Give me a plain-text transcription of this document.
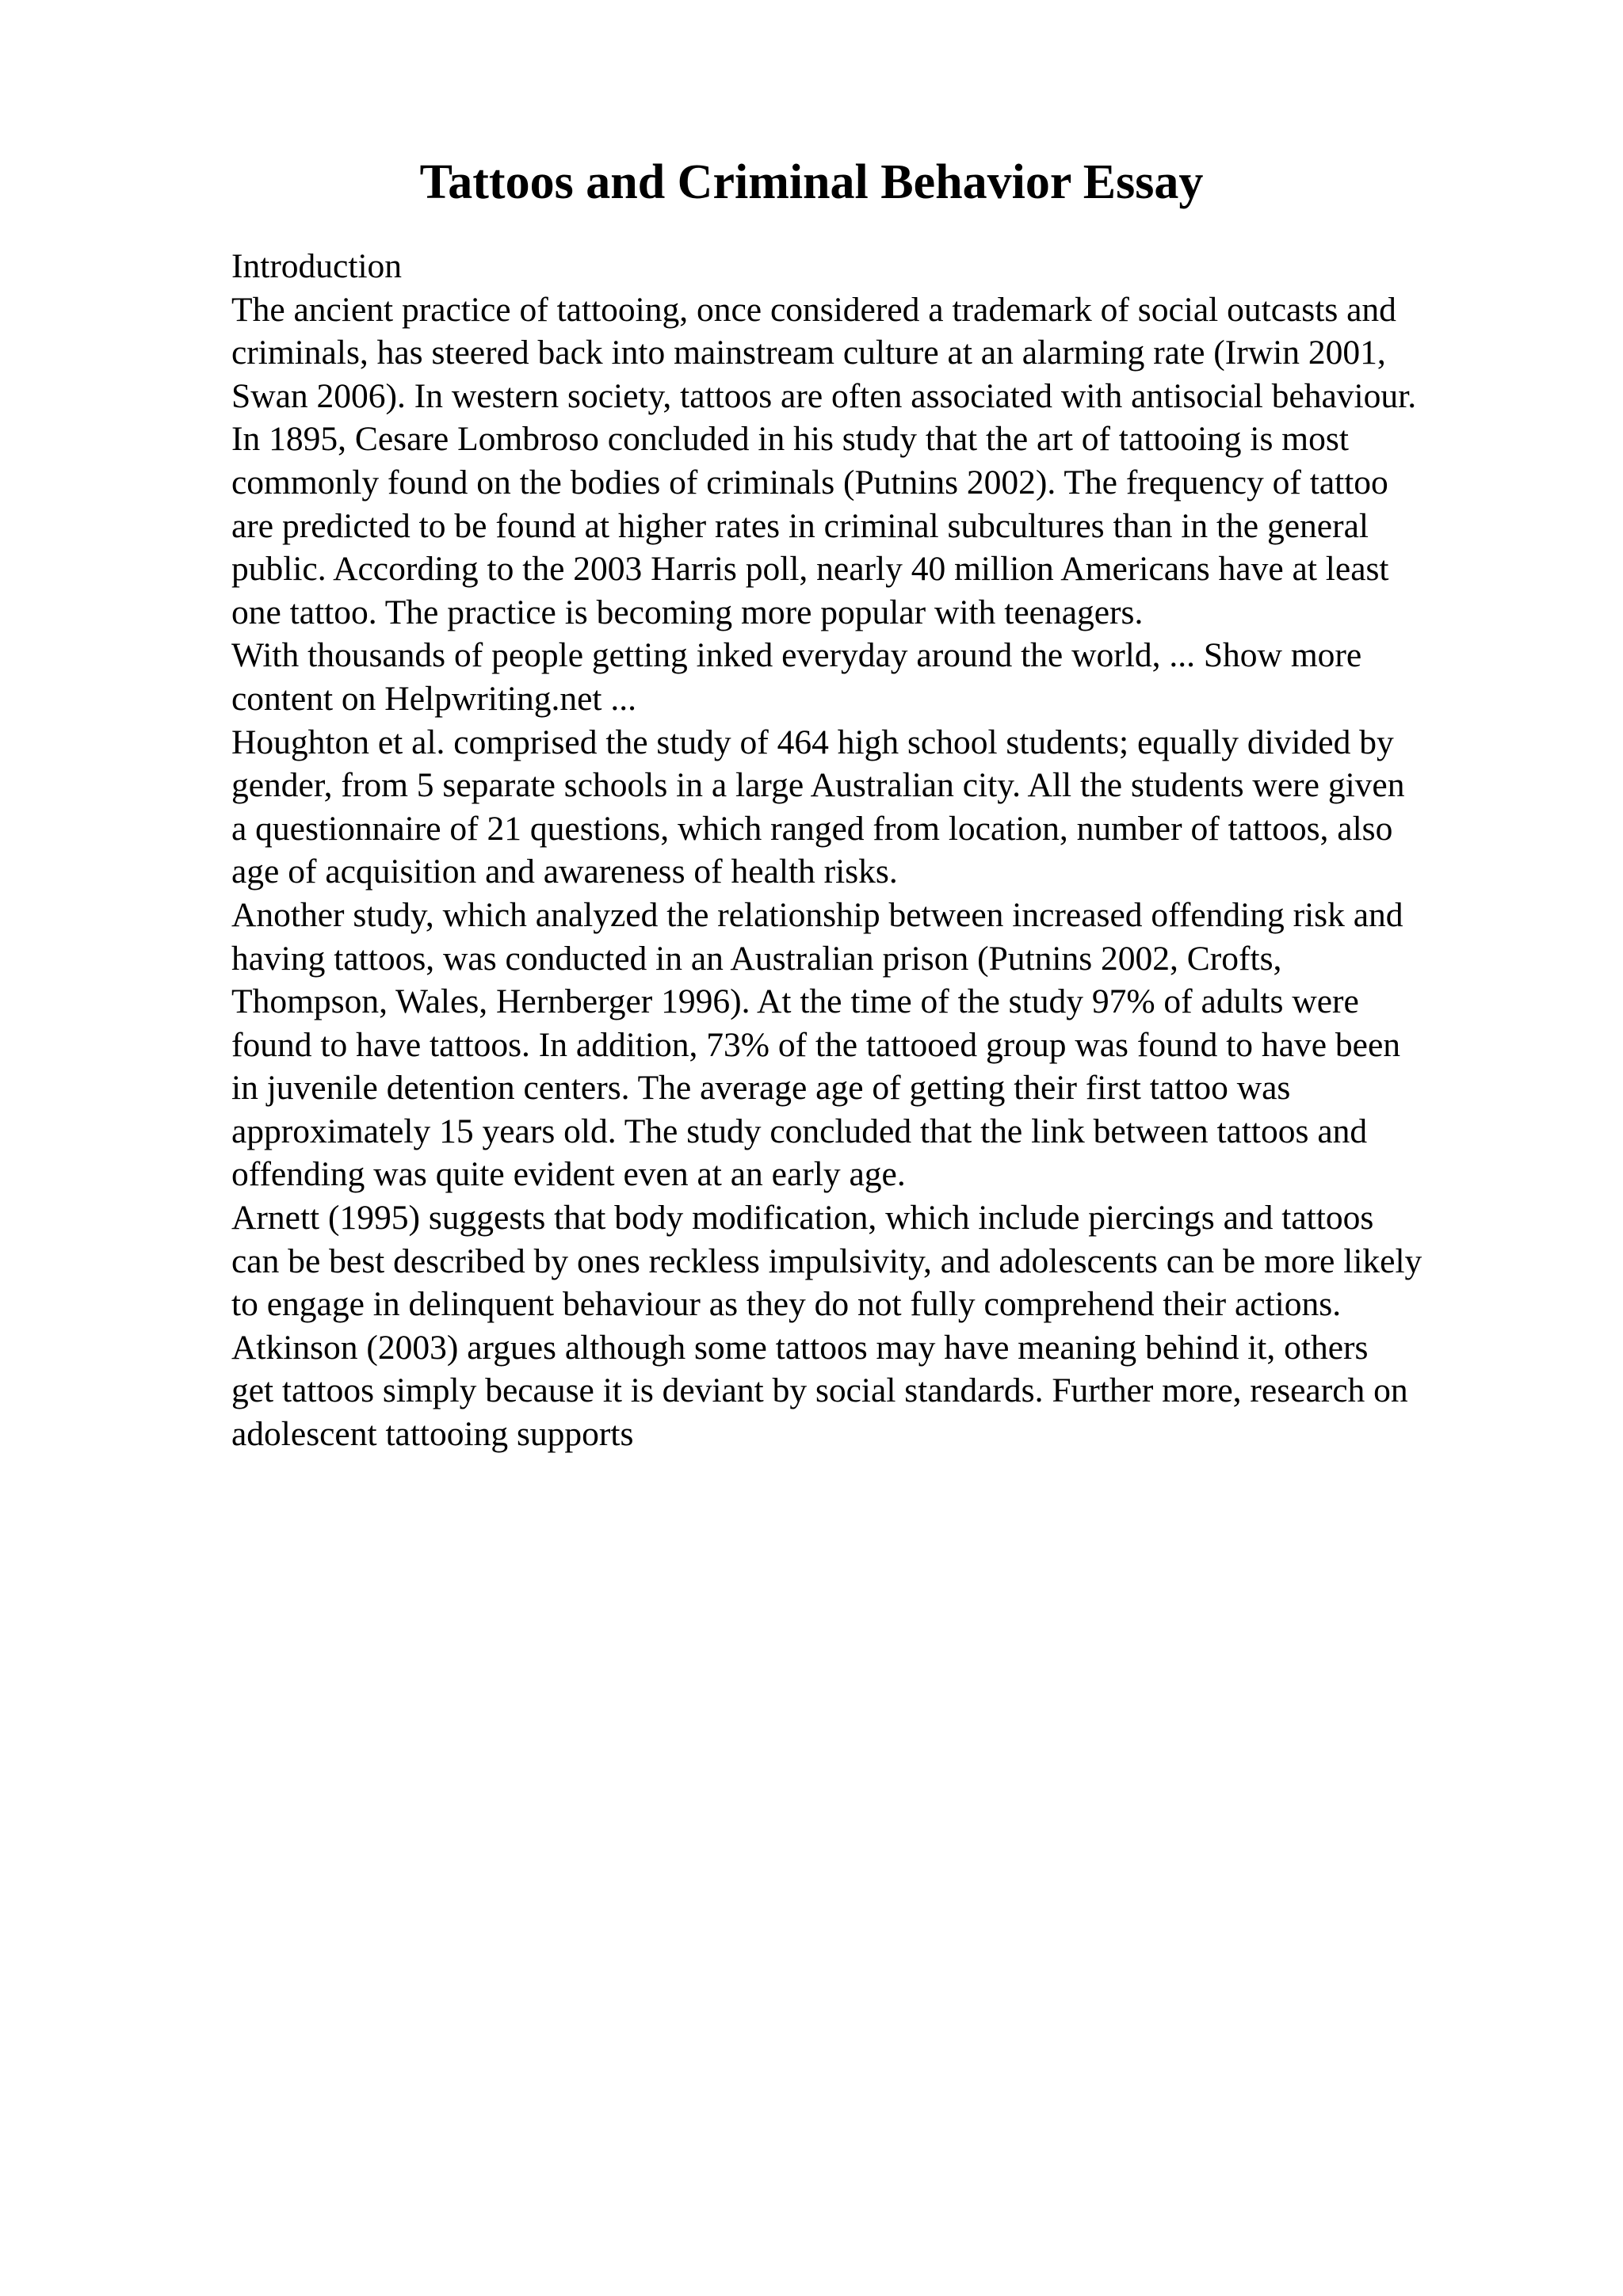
Tattoos and Criminal Behavior Essay
Introduction
The ancient practice of tattooing, once considered a trademark of social outcasts and
criminals, has steered back into mainstream culture at an alarming rate (Irwin 2001,
Swan 2006). In western society, tattoos are often associated with antisocial behaviour.
In 1895, Cesare Lombroso concluded in his study that the art of tattooing is most
commonly found on the bodies of criminals (Putnins 2002). The frequency of tattoo
are predicted to be found at higher rates in criminal subcultures than in the general
public. According to the 2003 Harris poll, nearly 40 million Americans have at least
one tattoo. The practice is becoming more popular with teenagers.
With thousands of people getting inked everyday around the world, ... Show more
content on Helpwriting.net ...
Houghton et al. comprised the study of 464 high school students; equally divided by
gender, from 5 separate schools in a large Australian city. All the students were given
a questionnaire of 21 questions, which ranged from location, number of tattoos, also
age of acquisition and awareness of health risks.
Another study, which analyzed the relationship between increased offending risk and
having tattoos, was conducted in an Australian prison (Putnins 2002, Crofts,
Thompson, Wales, Hernberger 1996). At the time of the study 97% of adults were
found to have tattoos. In addition, 73% of the tattooed group was found to have been
in juvenile detention centers. The average age of getting their first tattoo was
approximately 15 years old. The study concluded that the link between tattoos and
offending was quite evident even at an early age.
Arnett (1995) suggests that body modification, which include piercings and tattoos
can be best described by ones reckless impulsivity, and adolescents can be more likely
to engage in delinquent behaviour as they do not fully comprehend their actions.
Atkinson (2003) argues although some tattoos may have meaning behind it, others
get tattoos simply because it is deviant by social standards. Further more, research on
adolescent tattooing supports
